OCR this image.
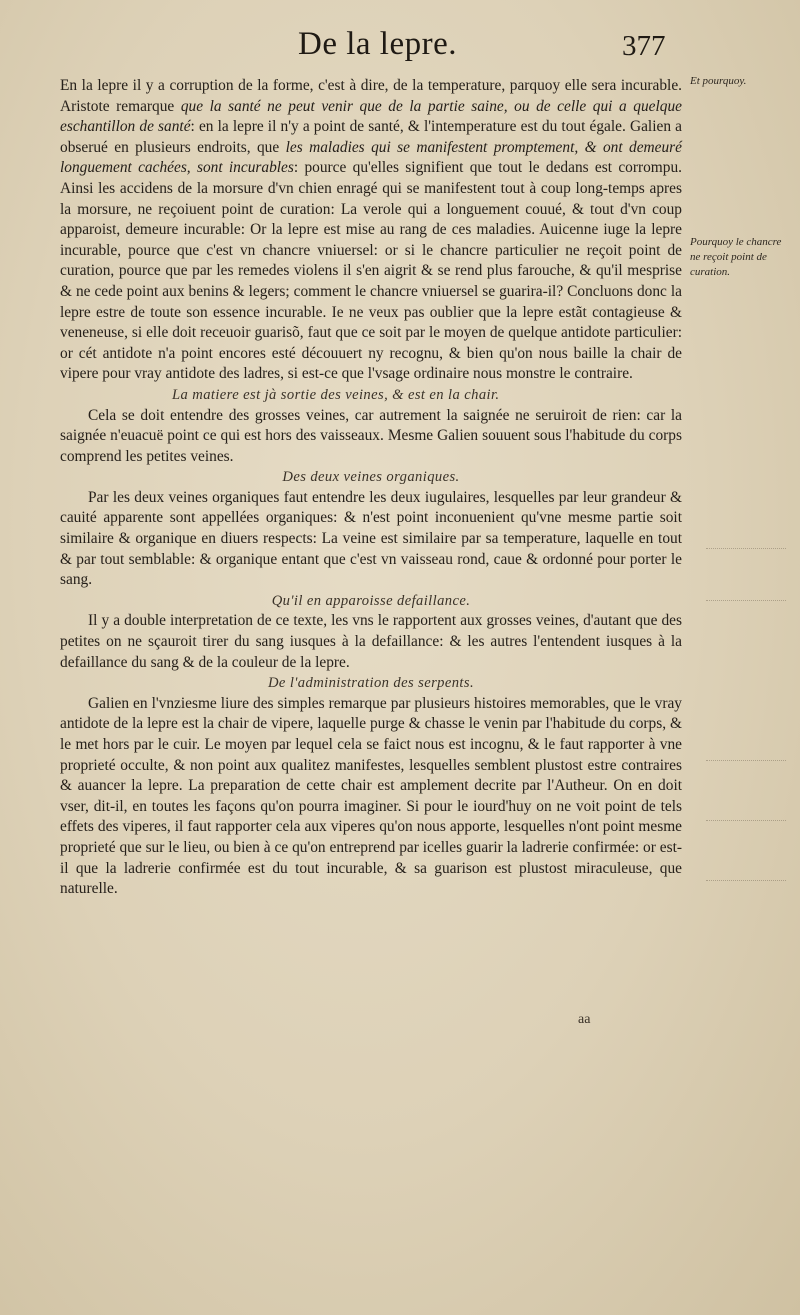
De la lepre.	377

En la lepre il y a corruption de la forme, c'est à dire, de la temperature, parquoy elle sera incurable. Aristote remarque que la santé ne peut venir que de la partie saine, ou de celle qui a quelque eschantillon de santé: en la lepre il n'y a point de santé, & l'intemperature est du tout égale. Galien a obserué en plusieurs endroits, que les maladies qui se manifestent promptement, & ont demeuré longuement cachées, sont incurables: pource qu'elles signifient que tout le dedans est corrompu. Ainsi les accidens de la morsure d'vn chien enragé qui se manifestent tout à coup long-temps apres la morsure, ne reçoiuent point de curation: La verole qui a longuement couué, & tout d'vn coup apparoist, demeure incurable: Or la lepre est mise au rang de ces maladies. Auicenne iuge la lepre incurable, pource que c'est vn chancre vniuersel: or si le chancre particulier ne reçoit point de curation, pource que par les remedes violens il s'en aigrit & se rend plus farouche, & qu'il mesprise & ne cede point aux benins & legers; comment le chancre vniuersel se guarira-il? Concluons donc la lepre estre de toute son essence incurable. Ie ne veux pas oublier que la lepre estãt contagieuse & veneneuse, si elle doit receuoir guarisõ, faut que ce soit par le moyen de quelque antidote particulier: or cét antidote n'a point encores esté découuert ny recognu, & bien qu'on nous baille la chair de vipere pour vray antidote des ladres, si est-ce que l'vsage ordinaire nous monstre le contraire.

La matiere est jà sortie des veines, & est en la chair.

Cela se doit entendre des grosses veines, car autrement la saignée ne seruiroit de rien: car la saignée n'euacuë point ce qui est hors des vaisseaux. Mesme Galien souuent sous l'habitude du corps comprend les petites veines.

Des deux veines organiques.

Par les deux veines organiques faut entendre les deux iugulaires, lesquelles par leur grandeur & cauité apparente sont appellées organiques: & n'est point inconuenient qu'vne mesme partie soit similaire & organique en diuers respects: La veine est similaire par sa temperature, laquelle en tout & par tout semblable: & organique entant que c'est vn vaisseau rond, caue & ordonné pour porter le sang.

Qu'il en apparoisse defaillance.

Il y a double interpretation de ce texte, les vns le rapportent aux grosses veines, d'autant que des petites on ne sçauroit tirer du sang iusques à la defaillance: & les autres l'entendent iusques à la defaillance du sang & de la couleur de la lepre.

De l'administration des serpents.

Galien en l'vnziesme liure des simples remarque par plusieurs histoires memorables, que le vray antidote de la lepre est la chair de vipere, laquelle purge & chasse le venin par l'habitude du corps, & le met hors par le cuir. Le moyen par lequel cela se faict nous est incognu, & le faut rapporter à vne proprieté occulte, & non point aux qualitez manifestes, lesquelles semblent plustost estre contraires & auancer la lepre. La preparation de cette chair est amplement decrite par l'Autheur. On en doit vser, dit-il, en toutes les façons qu'on pourra imaginer. Si pour le iourd'huy on ne voit point de tels effets des viperes, il faut rapporter cela aux viperes qu'on nous apporte, lesquelles n'ont point mesme proprieté que sur le lieu, ou bien à ce qu'on entreprend par icelles guarir la ladrerie confirmée: or est-il que la ladrerie confirmée est du tout incurable, & sa guarison est plustost miraculeuse, que naturelle.

Et pourquoy.

Pourquoy le chancre ne reçoit point de curation.

aa
